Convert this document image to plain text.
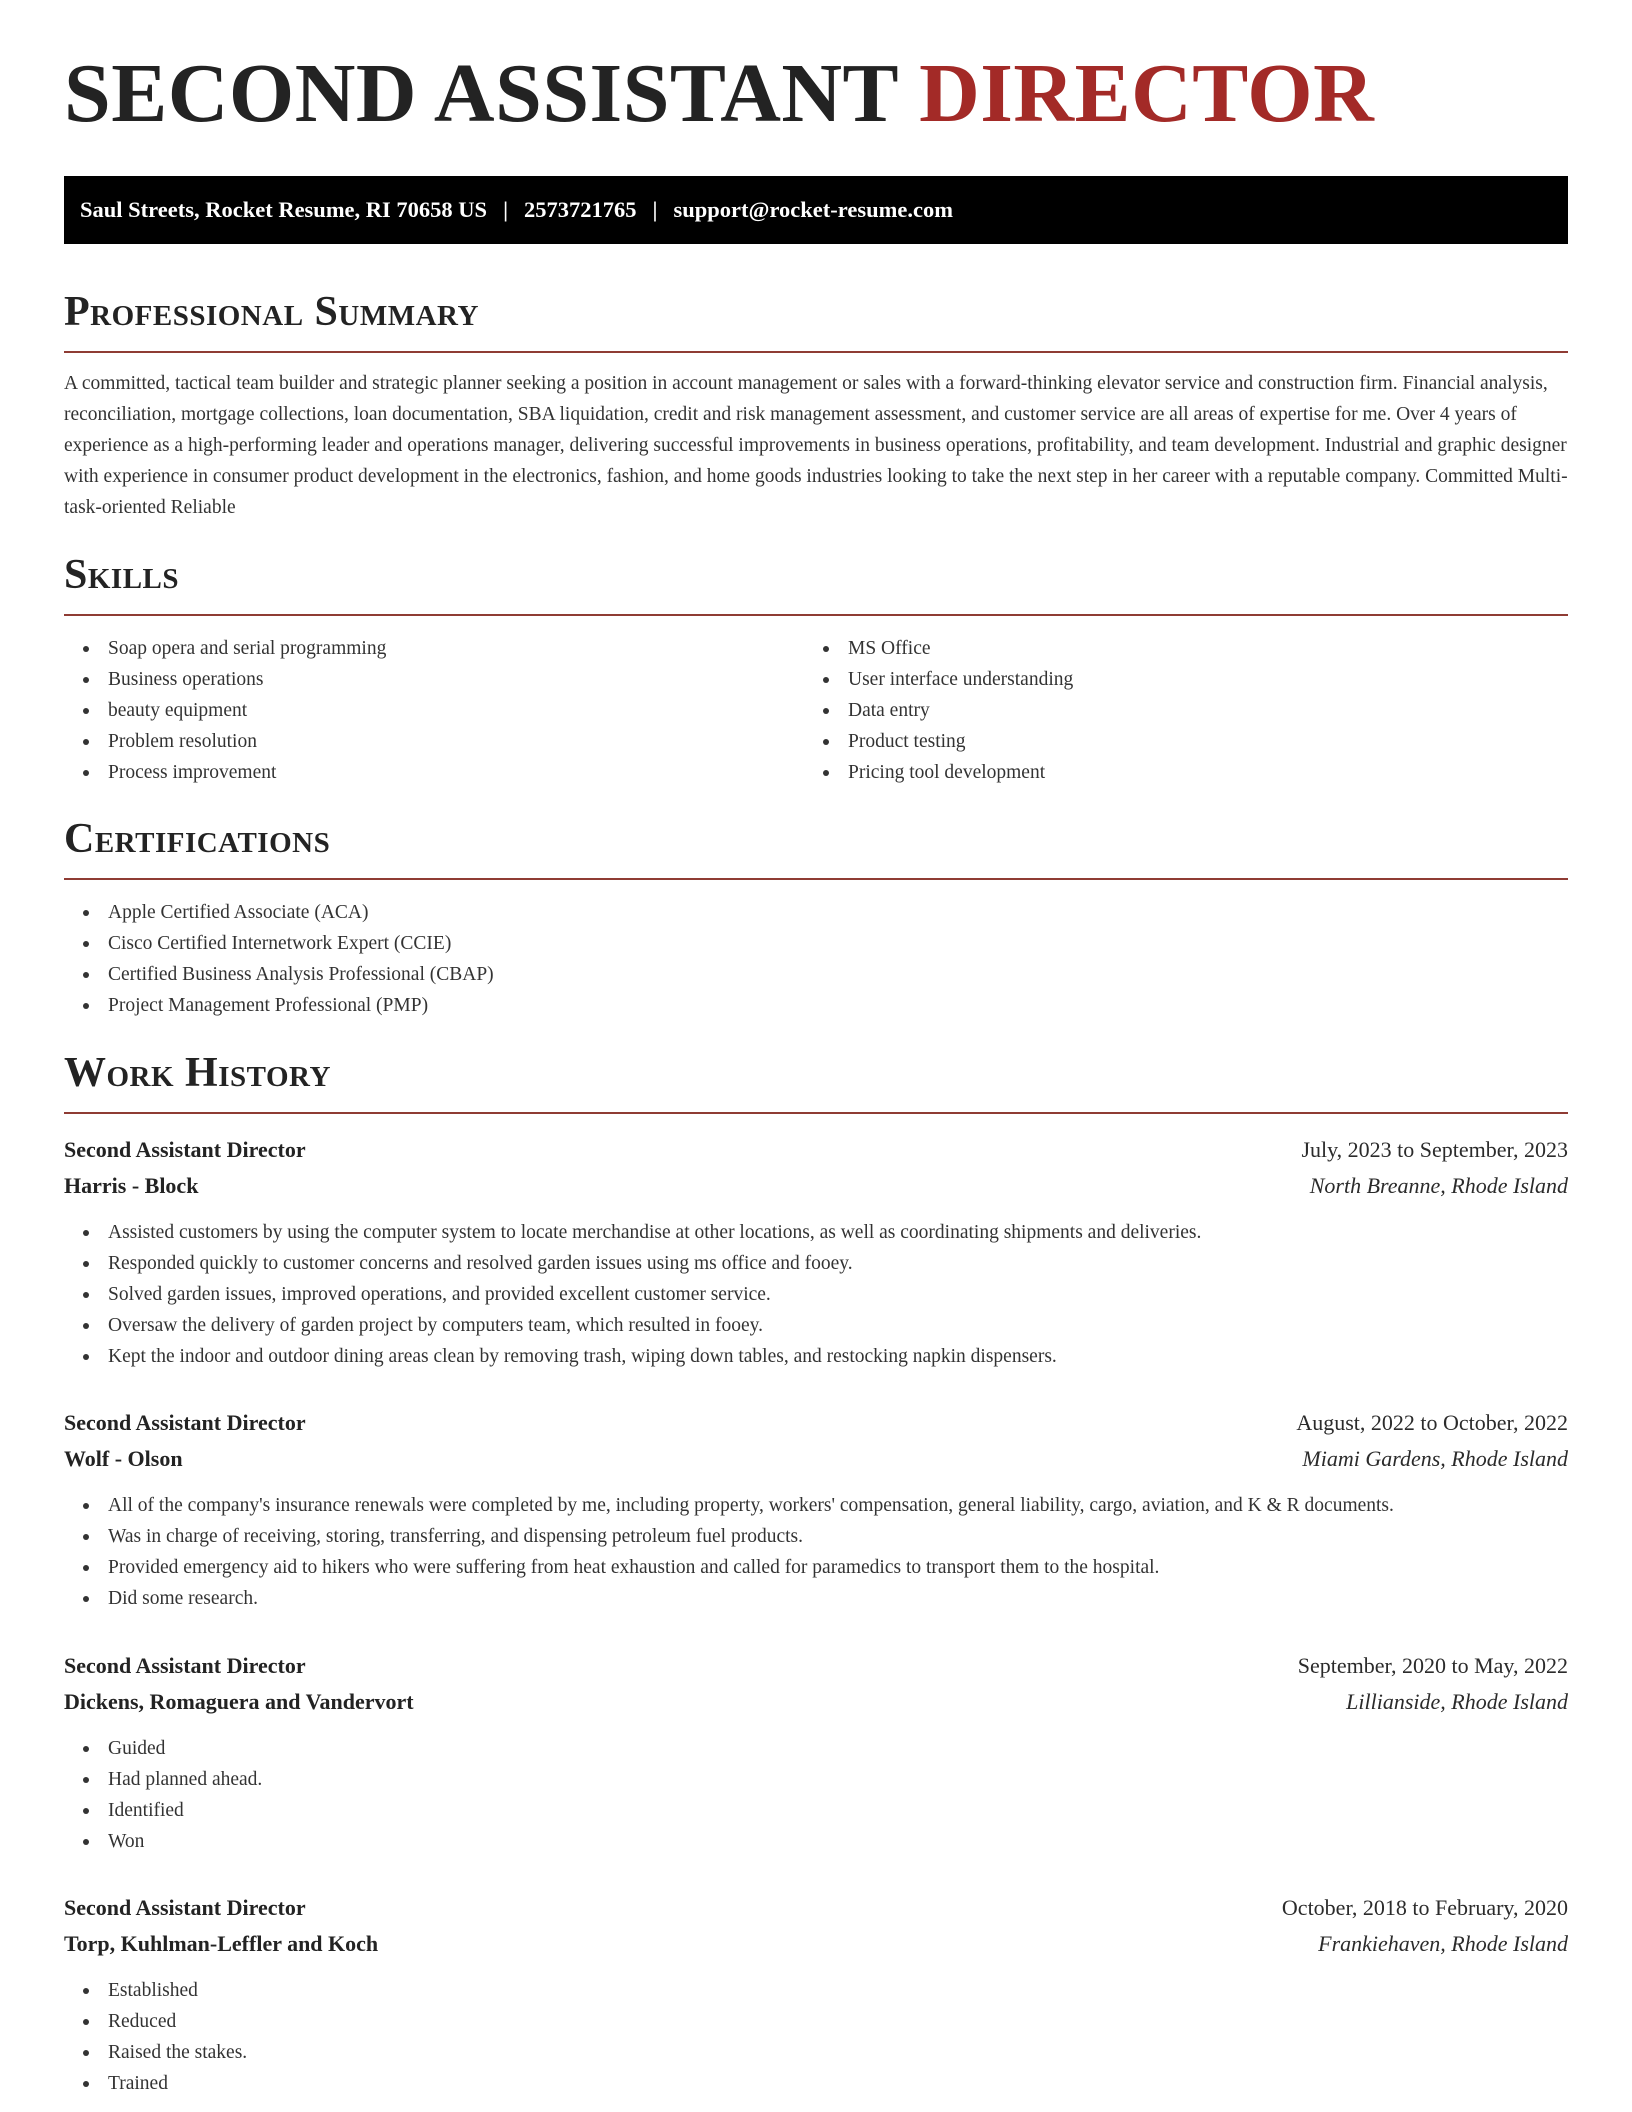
SECOND ASSISTANT DIRECTOR
Saul Streets, Rocket Resume, RI 70658 US | 2573721765 | support@rocket-resume.com
Professional Summary

A committed, tactical team builder and strategic planner seeking a position in account management or sales with a forward-thinking elevator service and construction firm. Financial analysis, reconciliation, mortgage collections, loan documentation, SBA liquidation, credit and risk management assessment, and customer service are all areas of expertise for me. Over 4 years of experience as a high-performing leader and operations manager, delivering successful improvements in business operations, profitability, and team development. Industrial and graphic designer with experience in consumer product development in the electronics, fashion, and home goods industries looking to take the next step in her career with a reputable company. Committed Multi-task-oriented Reliable

Skills
Soap opera and serial programming
Business operations
beauty equipment
Problem resolution
Process improvement
MS Office
User interface understanding
Data entry
Product testing
Pricing tool development
Certifications
Apple Certified Associate (ACA)
Cisco Certified Internetwork Expert (CCIE)
Certified Business Analysis Professional (CBAP)
Project Management Professional (PMP)
Work History
Second Assistant Director	July, 2023 to September, 2023
Harris - Block	North Breanne, Rhode Island
Assisted customers by using the computer system to locate merchandise at other locations, as well as coordinating shipments and deliveries.
Responded quickly to customer concerns and resolved garden issues using ms office and fooey.
Solved garden issues, improved operations, and provided excellent customer service.
Oversaw the delivery of garden project by computers team, which resulted in fooey.
Kept the indoor and outdoor dining areas clean by removing trash, wiping down tables, and restocking napkin dispensers.
Second Assistant Director	August, 2022 to October, 2022
Wolf - Olson	Miami Gardens, Rhode Island
All of the company's insurance renewals were completed by me, including property, workers' compensation, general liability, cargo, aviation, and K & R documents.
Was in charge of receiving, storing, transferring, and dispensing petroleum fuel products.
Provided emergency aid to hikers who were suffering from heat exhaustion and called for paramedics to transport them to the hospital.
Did some research.
Second Assistant Director	September, 2020 to May, 2022
Dickens, Romaguera and Vandervort	Lillianside, Rhode Island
Guided
Had planned ahead.
Identified
Won
Second Assistant Director	October, 2018 to February, 2020
Torp, Kuhlman-Leffler and Koch	Frankiehaven, Rhode Island
Established
Reduced
Raised the stakes.
Trained
